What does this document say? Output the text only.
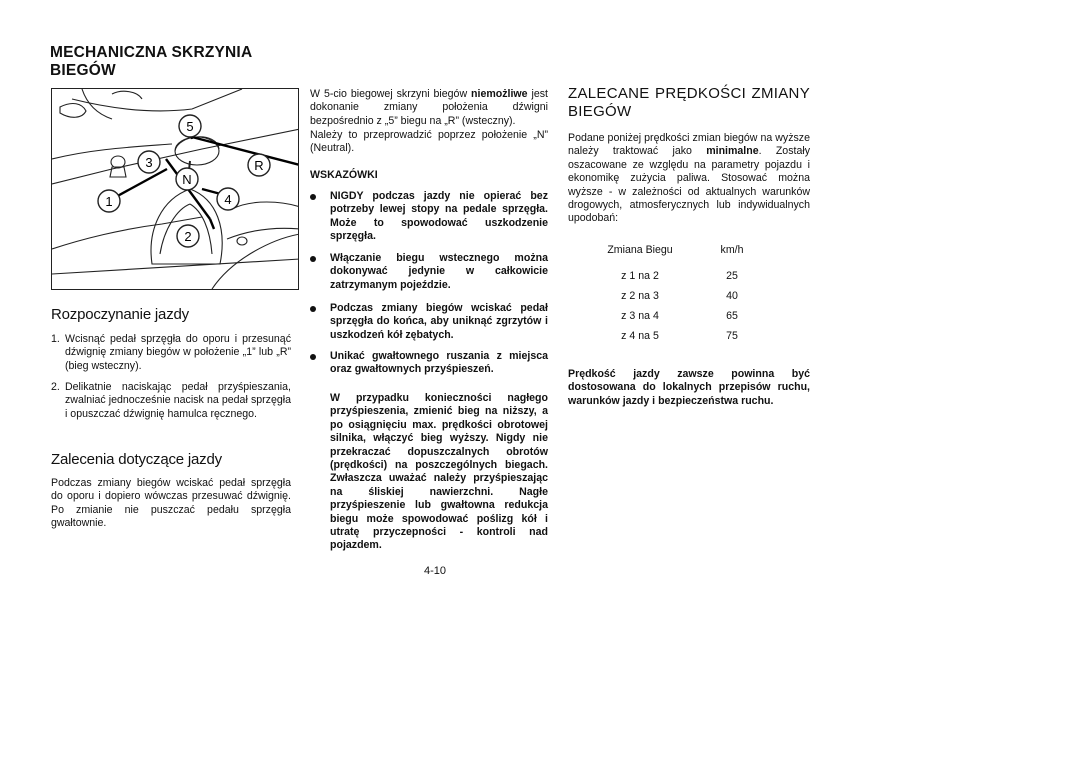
MECHANICZNA SKRZYNIA
BIEGÓW
1
2
3
4
5
R
N
Rozpoczynanie jazdy
1. Wcisnąć pedał sprzęgła do oporu i przesunąć dźwignię zmiany biegów w położenie „1” lub „R” (bieg wsteczny).
2. Delikatnie naciskając pedał przyśpieszania, zwalniać jednocześnie nacisk na pedał sprzęgła i opuszczać dźwignię hamulca ręcznego.
Zalecenia dotyczące jazdy
Podczas zmiany biegów wciskać pedał sprzęgła do oporu i dopiero wówczas przesuwać dźwignię. Po zmianie nie puszczać pedału sprzęgła gwałtownie.
W 5-cio biegowej skrzyni biegów niemożliwe jest dokonanie zmiany położenia dźwigni bezpośrednio z „5” biegu na „R” (wsteczny).
Należy to przeprowadzić poprzez położenie „N” (Neutral).
WSKAZÓWKI
NIGDY podczas jazdy nie opierać bez potrzeby lewej stopy na pedale sprzęgła. Może to spowodować uszkodzenie sprzęgła.
Włączanie biegu wstecznego można dokonywać jedynie w całkowicie zatrzymanym pojeździe.
Podczas zmiany biegów wciskać pedał sprzęgła do końca, aby uniknąć zgrzytów i uszkodzeń kół zębatych.
Unikać gwałtownego ruszania z miejsca oraz gwałtownych przyśpieszeń.
W przypadku konieczności nagłego przyśpieszenia, zmienić bieg na niższy, a po osiągnięciu max. prędkości obrotowej silnika, włączyć bieg wyższy. Nigdy nie przekraczać dopuszczalnych obrotów (prędkości) na poszczególnych biegach. Zwłaszcza uważać należy przyśpieszając na śliskiej nawierzchni. Nagłe przyśpieszenie lub gwałtowna redukcja biegu może spowodować poślizg kół i utratę przyczepności - kontroli nad pojazdem.
4-10
ZALECANE PRĘDKOŚCI ZMIANY BIEGÓW
Podane poniżej prędkości zmian biegów na wyższe należy traktować jako minimalne. Zostały oszacowane ze względu na parametry pojazdu i ekonomikę zużycia paliwa. Stosować można wyższe - w zależności od aktualnych warunków drogowych, atmosferycznych lub indywidualnych upodobań:
Zmiana Biegu	km/h
z 1 na 2	25
z 2 na 3	40
z 3 na 4	65
z 4 na 5	75
Prędkość jazdy zawsze powinna być dostosowana do lokalnych przepisów ruchu, warunków jazdy i bezpieczeństwa ruchu.
